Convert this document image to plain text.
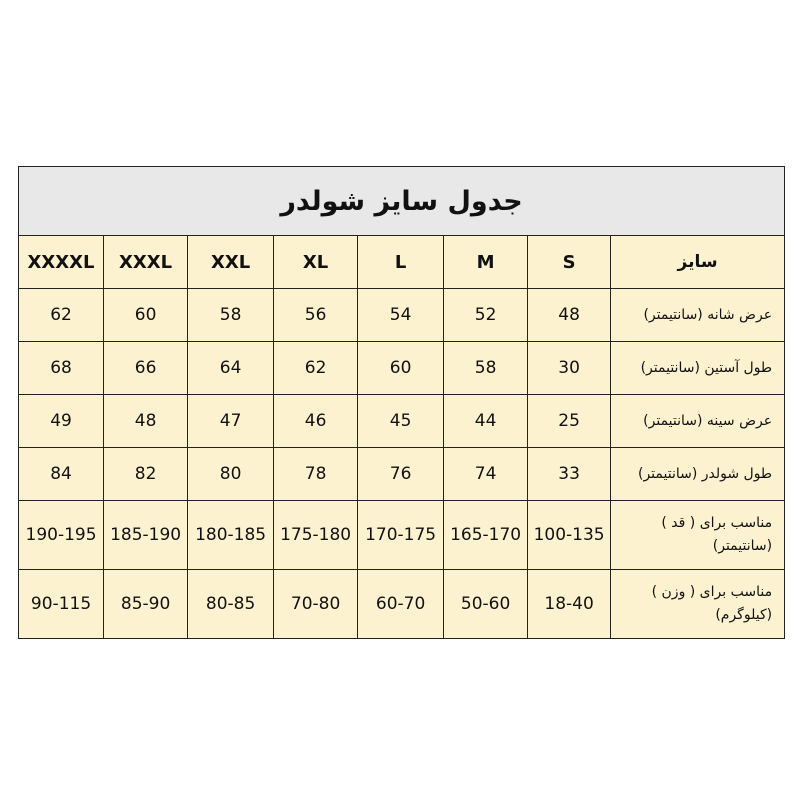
جدول سایز شولدر							
سایز	S	M	L	XL	XXL	XXXL	XXXXL
عرض شانه (سانتیمتر)	48	52	54	56	58	60	62
طول آستین (سانتیمتر)	30	58	60	62	64	66	68
عرض سینه (سانتیمتر)	25	44	45	46	47	48	49
طول شولدر (سانتیمتر)	33	74	76	78	80	82	84
مناسب برای ( قد )
(سانتیمتر)	100-135	165-170	170-175	175-180	180-185	185-190	190-195
مناسب برای ( وزن )
(کیلوگرم)	18-40	50-60	60-70	70-80	80-85	85-90	90-115
